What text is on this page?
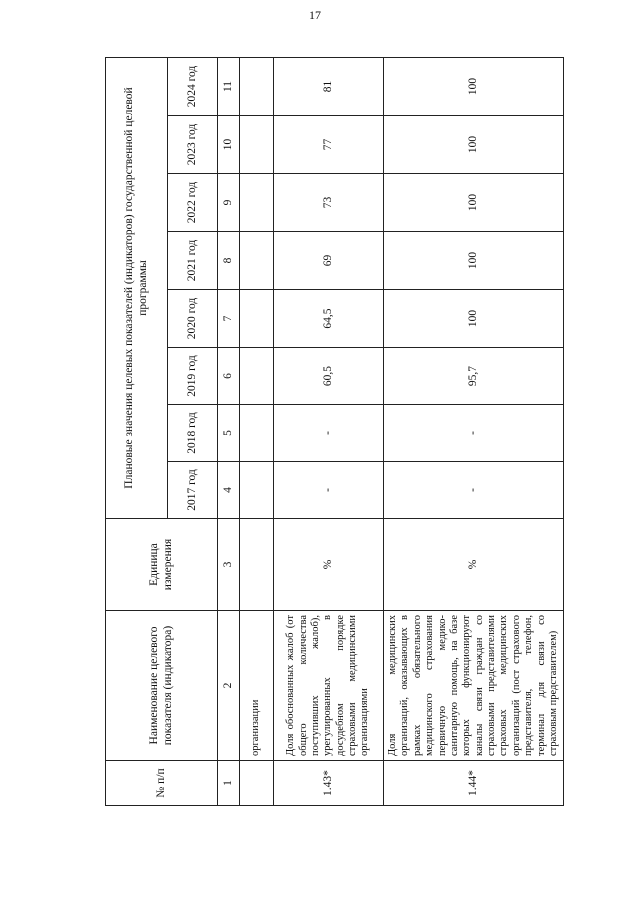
17
№ п/п	Наименование целевого показателя (индикатора)	Единица измерения	Плановые значения целевых показателей (индикаторов) государственной целевой программы							
			2017 год	2018 год	2019 год	2020 год	2021 год	2022 год	2023 год	2024 год
1	2	3	4	5	6	7	8	9	10	11
	организации									
1.43*	Доля обоснованных жалоб (от общего количества поступивших жалоб), урегулированных в досудебном порядке страховыми медицинскими организациями	%	-	-	60,5	64,5	69	73	77	81
1.44*	Доля медицинских организаций, оказывающих в рамках обязательного медицинского страхования первичную медико-санитарную помощь, на базе которых функционируют каналы связи граждан со страховыми представителями страховых медицинских организаций (пост страхового представителя, телефон, терминал для связи со страховым представителем)	%	-	-	95,7	100	100	100	100	100
